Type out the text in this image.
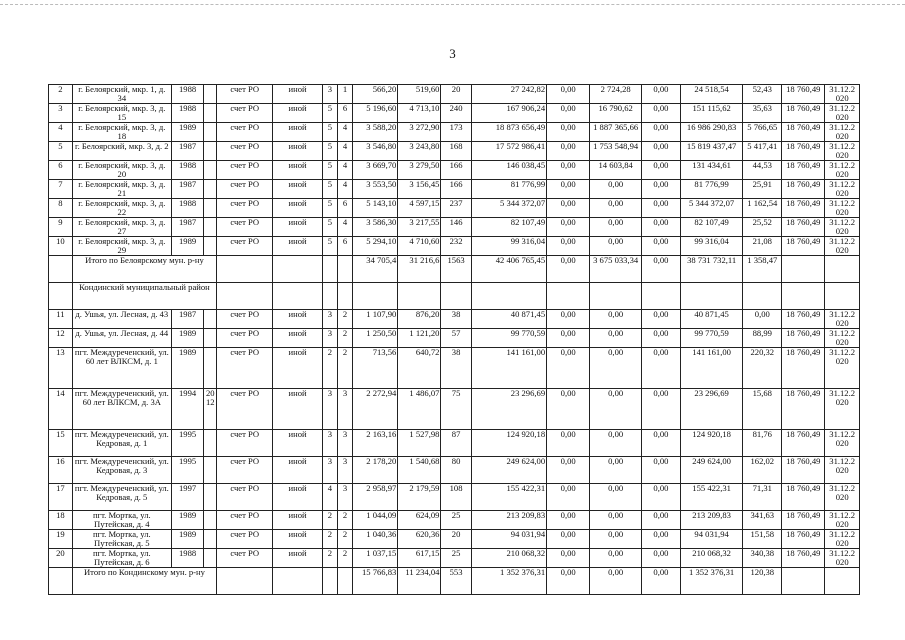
3
2	г. Белоярский, мкр. 1, д. 34	1988		счет РО	иной	3	1	566,20	519,60	20	27 242,82	0,00	2 724,28	0,00	24 518,54	52,43	18 760,49	31.12.2 020
3	г. Белоярский, мкр. 3, д. 15	1988		счет РО	иной	5	6	5 196,60	4 713,10	240	167 906,24	0,00	16 790,62	0,00	151 115,62	35,63	18 760,49	31.12.2 020
4	г. Белоярский, мкр. 3, д. 18	1989		счет РО	иной	5	4	3 588,20	3 272,90	173	18 873 656,49	0,00	1 887 365,66	0,00	16 986 290,83	5 766,65	18 760,49	31.12.2 020
5	г. Белоярский, мкр. 3, д. 2	1987		счет РО	иной	5	4	3 546,80	3 243,80	168	17 572 986,41	0,00	1 753 548,94	0,00	15 819 437,47	5 417,41	18 760,49	31.12.2 020
6	г. Белоярский, мкр. 3, д. 20	1988		счет РО	иной	5	4	3 669,70	3 279,50	166	146 038,45	0,00	14 603,84	0,00	131 434,61	44,53	18 760,49	31.12.2 020
7	г. Белоярский, мкр. 3, д. 21	1987		счет РО	иной	5	4	3 553,50	3 156,45	166	81 776,99	0,00	0,00	0,00	81 776,99	25,91	18 760,49	31.12.2 020
8	г. Белоярский, мкр. 3, д. 22	1988		счет РО	иной	5	6	5 143,10	4 597,15	237	5 344 372,07	0,00	0,00	0,00	5 344 372,07	1 162,54	18 760,49	31.12.2 020
9	г. Белоярский, мкр. 3, д. 27	1987		счет РО	иной	5	4	3 586,30	3 217,55	146	82 107,49	0,00	0,00	0,00	82 107,49	25,52	18 760,49	31.12.2 020
10	г. Белоярский, мкр. 3, д. 29	1989		счет РО	иной	5	6	5 294,10	4 710,60	232	99 316,04	0,00	0,00	0,00	99 316,04	21,08	18 760,49	31.12.2 020
	Итого по Белоярскому мун. р-ну							34 705,4	31 216,6	1563	42 406 765,45	0,00	3 675 033,34	0,00	38 731 732,11	1 358,47		
	Кондинский муниципальный район																	
11	д. Ушья, ул. Лесная, д. 43	1987		счет РО	иной	3	2	1 107,90	876,20	38	40 871,45	0,00	0,00	0,00	40 871,45	0,00	18 760,49	31.12.2 020
12	д. Ушья, ул. Лесная, д. 44	1989		счет РО	иной	3	2	1 250,50	1 121,20	57	99 770,59	0,00	0,00	0,00	99 770,59	88,99	18 760,49	31.12.2 020
13	пгт. Междуреченский, ул. 60 лет ВЛКСМ, д. 1	1989		счет РО	иной	2	2	713,56	640,72	38	141 161,00	0,00	0,00	0,00	141 161,00	220,32	18 760,49	31.12.2 020
14	пгт. Междуреченский, ул. 60 лет ВЛКСМ, д. 3А	1994	20 12	счет РО	иной	3	3	2 272,94	1 486,07	75	23 296,69	0,00	0,00	0,00	23 296,69	15,68	18 760,49	31.12.2 020
15	пгт. Междуреченский, ул. Кедровая, д. 1	1995		счет РО	иной	3	3	2 163,16	1 527,98	87	124 920,18	0,00	0,00	0,00	124 920,18	81,76	18 760,49	31.12.2 020
16	пгт. Междуреченский, ул. Кедровая, д. 3	1995		счет РО	иной	3	3	2 178,20	1 540,68	80	249 624,00	0,00	0,00	0,00	249 624,00	162,02	18 760,49	31.12.2 020
17	пгт. Междуреченский, ул. Кедровая, д. 5	1997		счет РО	иной	4	3	2 958,97	2 179,59	108	155 422,31	0,00	0,00	0,00	155 422,31	71,31	18 760,49	31.12.2 020
18	пгт. Мортка, ул. Путейская, д. 4	1989		счет РО	иной	2	2	1 044,09	624,09	25	213 209,83	0,00	0,00	0,00	213 209,83	341,63	18 760,49	31.12.2 020
19	пгт. Мортка, ул. Путейская, д. 5	1989		счет РО	иной	2	2	1 040,36	620,36	20	94 031,94	0,00	0,00	0,00	94 031,94	151,58	18 760,49	31.12.2 020
20	пгт. Мортка, ул. Путейская, д. 6	1988		счет РО	иной	2	2	1 037,15	617,15	25	210 068,32	0,00	0,00	0,00	210 068,32	340,38	18 760,49	31.12.2 020
	Итого по Кондинскому мун. р-ну							15 766,83	11 234,04	553	1 352 376,31	0,00	0,00	0,00	1 352 376,31	120,38		
